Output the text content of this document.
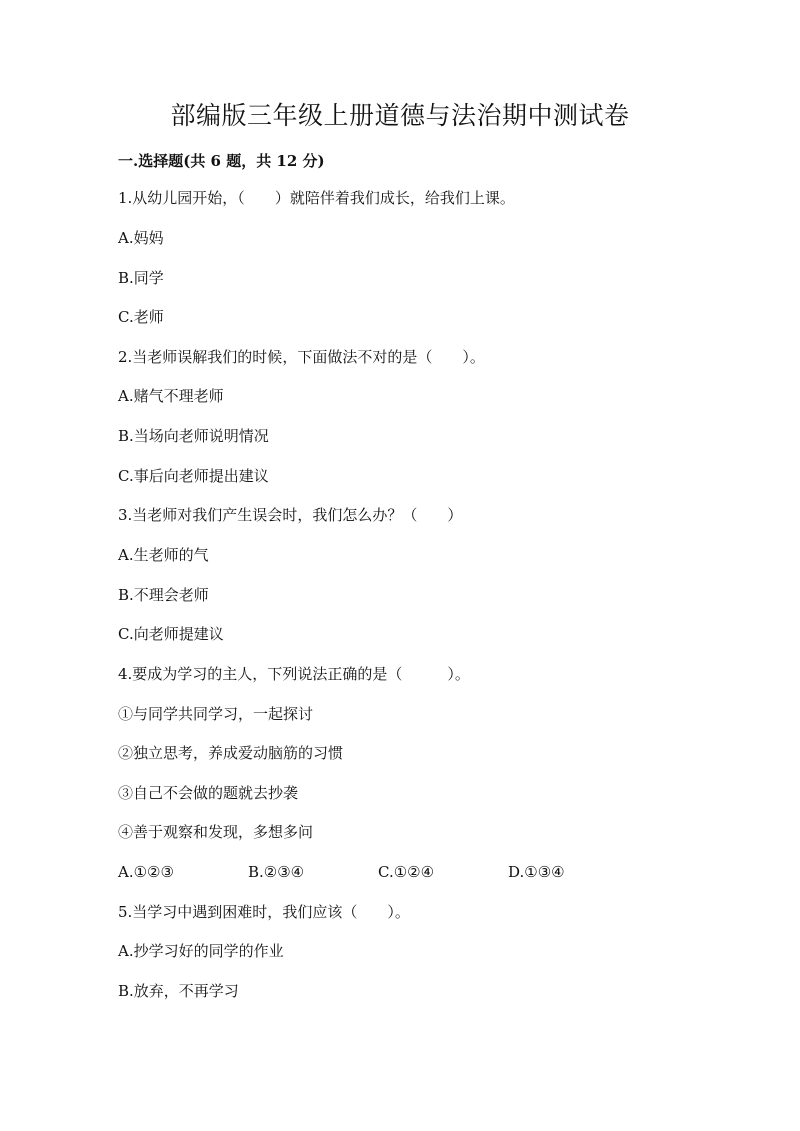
部编版三年级上册道德与法治期中测试卷
一.选择题(共 6 题，共 12 分)
1.从幼儿园开始，（　　）就陪伴着我们成长，给我们上课。
A.妈妈
B.同学
C.老师
2.当老师误解我们的时候，下面做法不对的是（　　）。
A.赌气不理老师
B.当场向老师说明情况
C.事后向老师提出建议
3.当老师对我们产生误会时，我们怎么办？（　　）
A.生老师的气
B.不理会老师
C.向老师提建议
4.要成为学习的主人，下列说法正确的是（　　　）。
①与同学共同学习，一起探讨
②独立思考，养成爱动脑筋的习惯
③自己不会做的题就去抄袭
④善于观察和发现，多想多问
A.①②③	B.②③④	C.①②④	D.①③④
5.当学习中遇到困难时，我们应该（　　）。
A.抄学习好的同学的作业
B.放弃，不再学习
